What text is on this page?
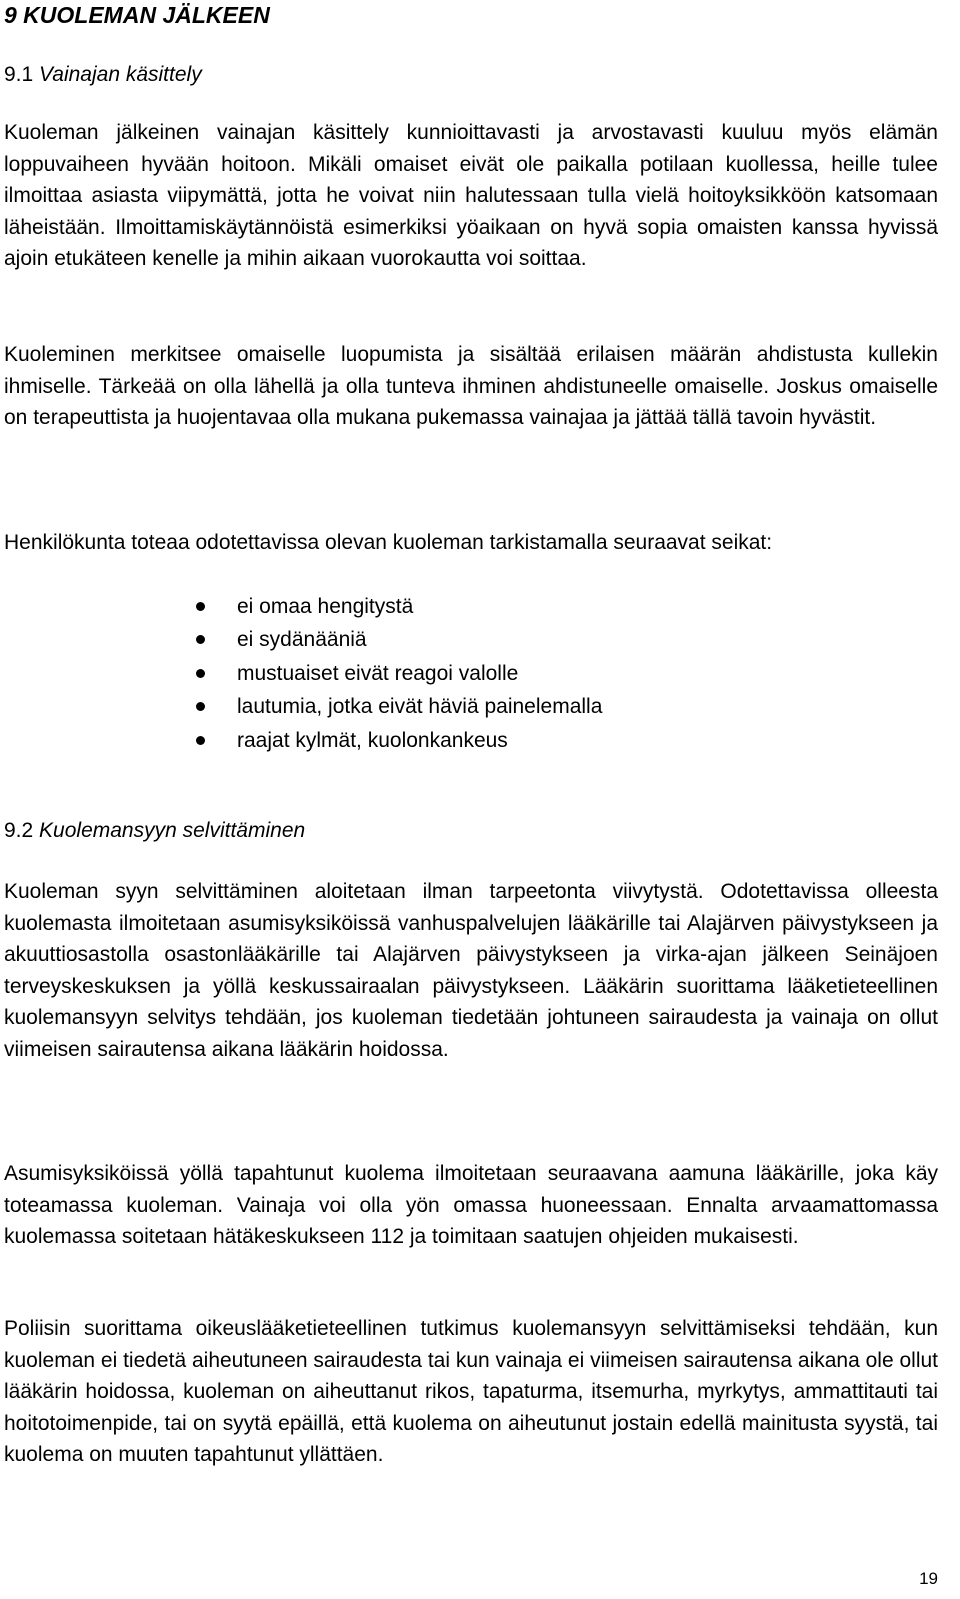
9 KUOLEMAN JÄLKEEN
9.1 Vainajan käsittely

Kuoleman jälkeinen vainajan käsittely kunnioittavasti ja arvostavasti kuuluu myös elämän loppuvaiheen hyvään hoitoon. Mikäli omaiset eivät ole paikalla potilaan kuollessa, heille tulee ilmoittaa asiasta viipymättä, jotta he voivat niin halutessaan tulla vielä hoitoyksikköön katsomaan läheistään. Ilmoittamiskäytännöistä esimerkiksi yöaikaan on hyvä sopia omaisten kanssa hyvissä ajoin etukäteen kenelle ja mihin aikaan vuorokautta voi soittaa.

Kuoleminen merkitsee omaiselle luopumista ja sisältää erilaisen määrän ahdistusta kullekin ihmiselle. Tärkeää on olla lähellä ja olla tunteva ihminen ahdistuneelle omaiselle. Joskus omaiselle on terapeuttista ja huojentavaa olla mukana pukemassa vainajaa ja jättää tällä tavoin hyvästit.

Henkilökunta toteaa odotettavissa olevan kuoleman tarkistamalla seuraavat seikat:

ei omaa hengitystä
ei sydänääniä
mustuaiset eivät reagoi valolle
lautumia, jotka eivät häviä painelemalla
raajat kylmät, kuolonkankeus
9.2 Kuolemansyyn selvittäminen

Kuoleman syyn selvittäminen aloitetaan ilman tarpeetonta viivytystä. Odotettavissa olleesta kuolemasta ilmoitetaan asumisyksiköissä vanhuspalvelujen lääkärille tai Alajärven päivystykseen ja akuuttiosastolla osastonlääkärille tai Alajärven päivystykseen ja virka-ajan jälkeen Seinäjoen terveyskeskuksen ja yöllä keskussairaalan päivystykseen. Lääkärin suorittama lääketieteellinen kuolemansyyn selvitys tehdään, jos kuoleman tiedetään johtuneen sairaudesta ja vainaja on ollut viimeisen sairautensa aikana lääkärin hoidossa.

Asumisyksiköissä yöllä tapahtunut kuolema ilmoitetaan seuraavana aamuna lääkärille, joka käy toteamassa kuoleman. Vainaja voi olla yön omassa huoneessaan. Ennalta arvaamattomassa kuolemassa soitetaan hätäkeskukseen 112 ja toimitaan saatujen ohjeiden mukaisesti.

Poliisin suorittama oikeuslääketieteellinen tutkimus kuolemansyyn selvittämiseksi tehdään, kun kuoleman ei tiedetä aiheutuneen sairaudesta tai kun vainaja ei viimeisen sairautensa aikana ole ollut lääkärin hoidossa, kuoleman on aiheuttanut rikos, tapaturma, itsemurha, myrkytys, ammattitauti tai hoitotoimenpide, tai on syytä epäillä, että kuolema on aiheutunut jostain edellä mainitusta syystä, tai kuolema on muuten tapahtunut yllättäen.

19
